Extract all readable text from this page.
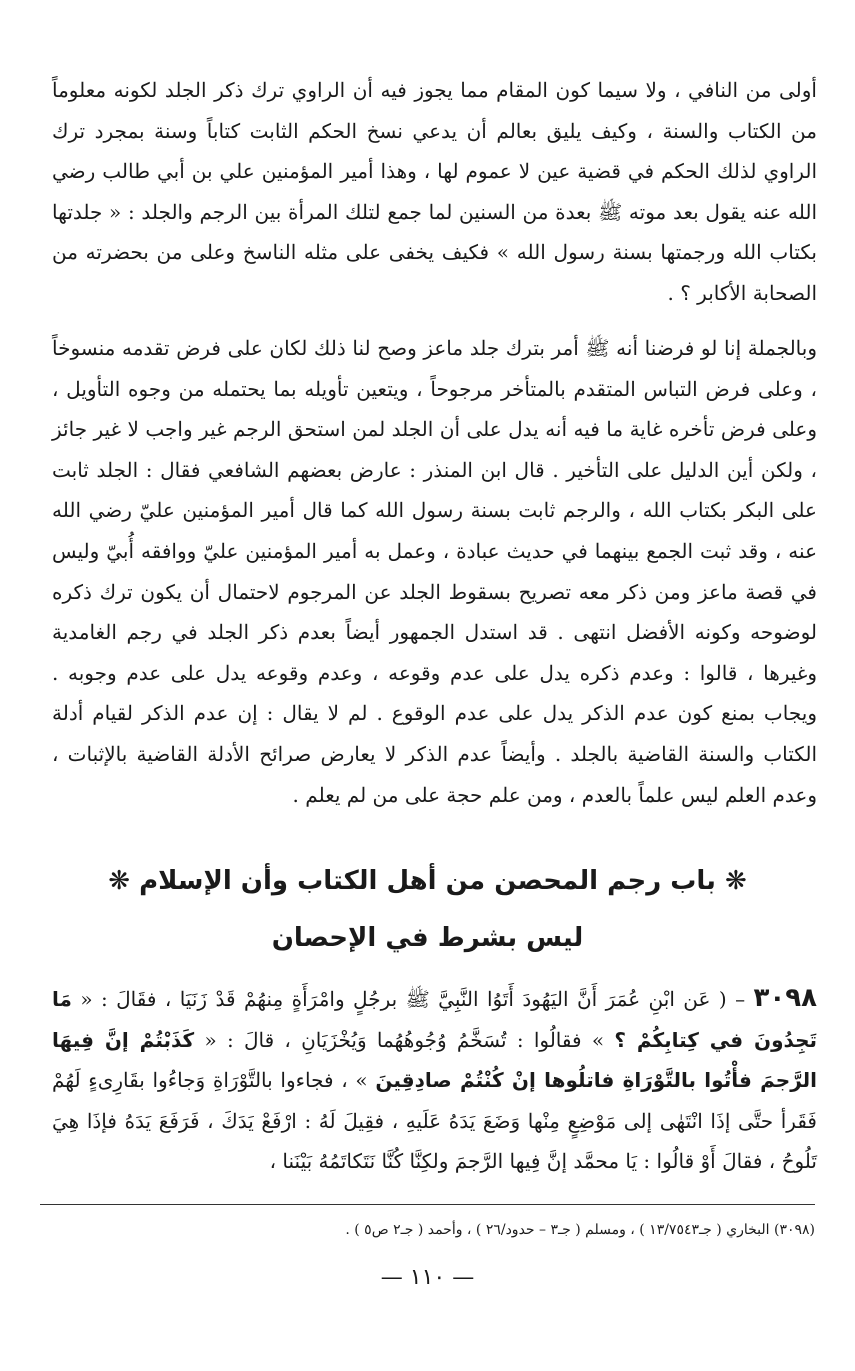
أولى من النافي ، ولا سيما كون المقام مما يجوز فيه أن الراوي ترك ذكر الجلد لكونه معلوماً من الكتاب والسنة ، وكيف يليق بعالم أن يدعي نسخ الحكم الثابت كتاباً وسنة بمجرد ترك الراوي لذلك الحكم في قضية عين لا عموم لها ، وهذا أمير المؤمنين علي بن أبي طالب رضي الله عنه يقول بعد موته ﷺ بعدة من السنين لما جمع لتلك المرأة بين الرجم والجلد : « جلدتها بكتاب الله ورجمتها بسنة رسول الله » فكيف يخفى على مثله الناسخ وعلى من بحضرته من الصحابة الأكابر ؟ .

وبالجملة إنا لو فرضنا أنه ﷺ أمر بترك جلد ماعز وصح لنا ذلك لكان على فرض تقدمه منسوخاً ، وعلى فرض التباس المتقدم بالمتأخر مرجوحاً ، ويتعين تأويله بما يحتمله من وجوه التأويل ، وعلى فرض تأخره غاية ما فيه أنه يدل على أن الجلد لمن استحق الرجم غير واجب لا غير جائز ، ولكن أين الدليل على التأخير . قال ابن المنذر : عارض بعضهم الشافعي فقال : الجلد ثابت على البكر بكتاب الله ، والرجم ثابت بسنة رسول الله كما قال أمير المؤمنين عليّ رضي الله عنه ، وقد ثبت الجمع بينهما في حديث عبادة ، وعمل به أمير المؤمنين عليّ ووافقه أُبيّ وليس في قصة ماعز ومن ذكر معه تصريح بسقوط الجلد عن المرجوم لاحتمال أن يكون ترك ذكره لوضوحه وكونه الأفضل انتهى . قد استدل الجمهور أيضاً بعدم ذكر الجلد في رجم الغامدية وغيرها ، قالوا : وعدم ذكره يدل على عدم وقوعه ، وعدم وقوعه يدل على عدم وجوبه . ويجاب بمنع كون عدم الذكر يدل على عدم الوقوع . لم لا يقال : إن عدم الذكر لقيام أدلة الكتاب والسنة القاضية بالجلد . وأيضاً عدم الذكر لا يعارض صرائح الأدلة القاضية بالإثبات ، وعدم العلم ليس علماً بالعدم ، ومن علم حجة على من لم يعلم .

❋ باب رجم المحصن من أهل الكتاب وأن الإسلام ❋
ليس بشرط في الإحصان

٣٠٩٨ – ( عَن ابْنِ عُمَرَ أَنَّ اليَهُودَ أَتَوُا النَّبِيَّ ﷺ برجُلٍ وامْرَأَةٍ مِنهُمْ قَدْ زَنَيَا ، فقَالَ : « مَا تَجِدُونَ في كِتابِكُمْ ؟ » فقالُوا : تُسَخَّمُ وُجُوهُهُما وَيُخْزَيَانِ ، قالَ : « كَذَبْتُمْ إنَّ فِيهَا الرَّجمَ فأْتُوا بالتَّوْرَاةِ فاتلُوها إنْ كُنْتُمْ صادِقِينَ » ، فجاءوا بالتَّوْرَاةِ وَجاءُوا بقَارِىءٍ لَهُمْ فَقَرأ حتَّى إذَا انْتَهٰى إلى مَوْضِعٍ مِنْها وَضَعَ يَدَهُ عَلَيهِ ، فقِيلَ لَهُ : ارْفَعْ يَدَكَ ، فَرَفَعَ يَدَهُ فإذَا هِيَ تَلُوحُ ، فقالَ أَوْ قالُوا : يَا محمَّد إنَّ فِيها الرَّجمَ ولكِنَّا كُنَّا نَتَكاتَمُهُ بَيْنَنا ،

(٣٠٩٨) البخاري ( جـ١٣/٧٥٤٣ ) ، ومسلم ( جـ٣ – حدود/٢٦ ) ، وأحمد ( جـ٢ ص٥ ) .

— ١١٠ —
